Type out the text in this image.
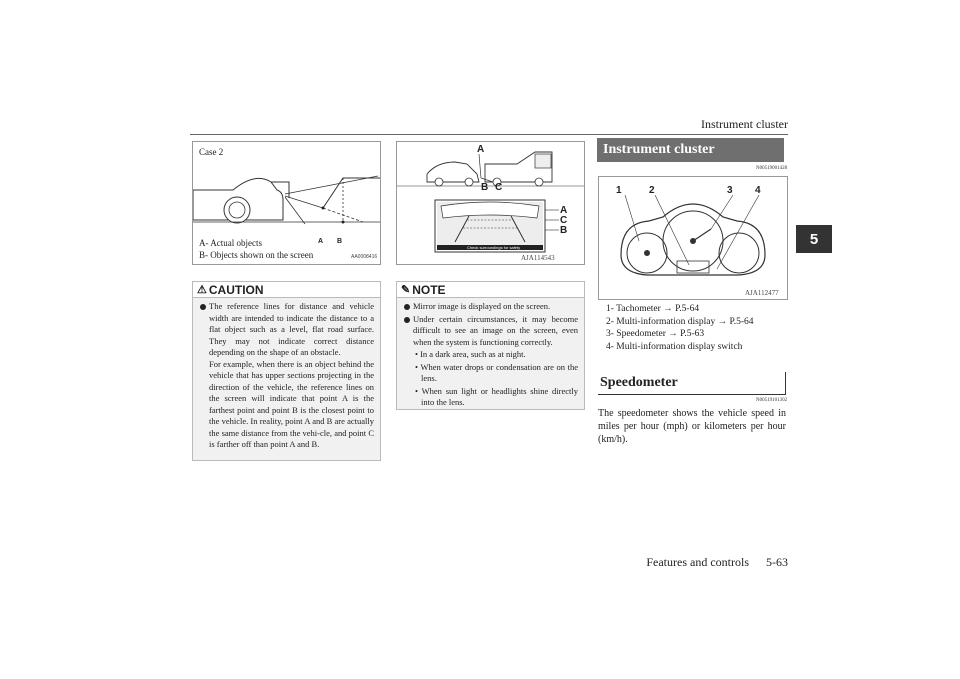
Instrument cluster
5
Case 2
A- Actual objects
B- Objects shown on the screen
A B
AA0008416
⚠ CAUTION
The reference lines for distance and vehicle width are intended to indicate the distance to a flat object such as a level, flat road surface. They may not indicate correct distance depending on the shape of an obstacle.
For example, when there is an object behind the vehicle that has upper sections projecting in the direction of the vehicle, the reference lines on the screen will indicate that point A is the farthest point and point B is the closest point to the vehicle. In reality, point A and B are actually the same distance from the vehi-cle, and point C is farther off than point A and B.
Check surroundings for safety
A
B C
A
C
B
AJA114543
✎ NOTE
Mirror image is displayed on the screen.
Under certain circumstances, it may become difficult to see an image on the screen, even when the system is functioning correctly.
• In a dark area, such as at night.
• When water drops or condensation are on the lens.
• When sun light or headlights shine directly into the lens.
Instrument cluster
N00519001428
1	2	3 4
AJA112477
1- Tachometer → P.5-64
2- Multi-information display → P.5-64
3- Speedometer → P.5-63
4- Multi-information display switch
Speedometer
N00519101302
The speedometer shows the vehicle speed in miles per hour (mph) or kilometers per hour (km/h).
Features and controls 5-63
